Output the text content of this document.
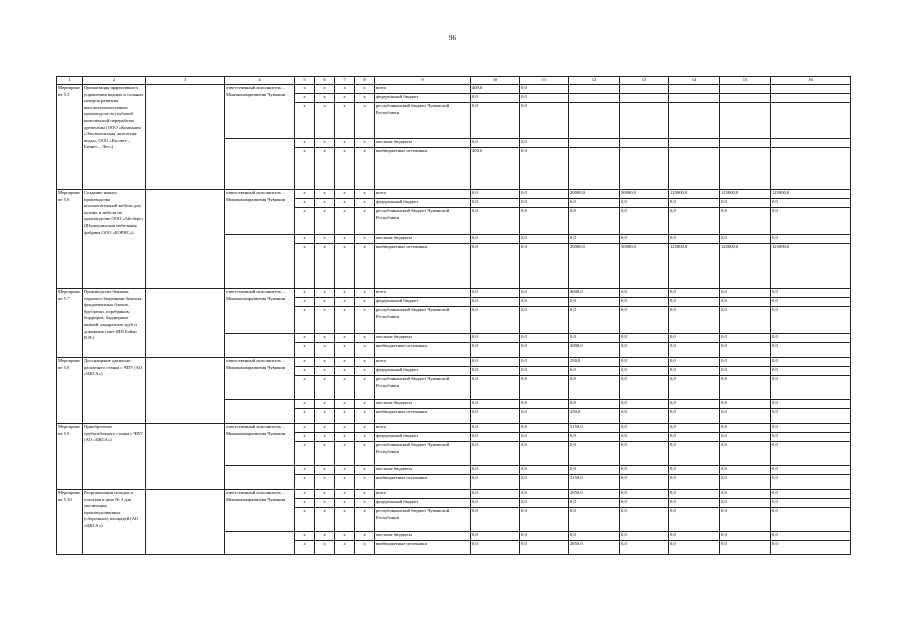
96
1	2	3	4	5	6	7	8	9	10	11	12	13	14	15	16
Мероприятие 5.5	Организация эффективного управления водных и соляных центров развития высокотехнологичных производств по глубокой комплексной переработке древесины (ООО «Компания «Экологическая литология воды», ООО «Рассвет – Бизнес – Лес»)		ответственный исполнитель – Минэкономразвития Чувашии	x	x	x	x	всего	400,0	0,0					
				x	x	x	x	федеральный бюджет	0,0	0,0					
				x	x	x	x	республиканский бюджет Чувашской Республики	0,0	0,0					
				x	x	x	x	местные бюджеты	0,0	0,0					
				x	x	x	x	внебюджетные источники	400,0	0,0					
Мероприятие 5.6	Создание нового производства вспомогательной мебели для кухонь и мебели на производстве ООО «Айсберг» (Шумерлинская мебельная фабрика ООО «БОРИС»)		ответственный исполнитель – Минэкономразвития Чувашии	x	x	x	x	всего	0,0	0,0	20000,0	50000,0	125000,0	125000,0	125000,0
				x	x	x	x	федеральный бюджет	0,0	0,0	0,0	0,0	0,0	0,0	0,0
				x	x	x	x	республиканский бюджет Чувашской Республики	0,0	0,0	0,0	0,0	0,0	0,0	0,0
				x	x	x	x	местные бюджеты	0,0	0,0	0,0	0,0	0,0	0,0	0,0
				x	x	x	x	внебюджетные источники	0,0	0,0	20000,0	50000,0	125000,0	125000,0	125000,0
Мероприятие 5.7	Производство бензина, парамасл-бензинами бинзола, фундаментных блоков, брусчатки, поребриков, бордюров, бордюрных камней, квадратных труб и дорожных плит (ИП Бойко В.Н.)		ответственный исполнитель – Минэкономразвития Чувашии	x	x	x	x	всего	0,0	0,0	3000,0	0,0	0,0	0,0	0,0
				x	x	x	x	федеральный бюджет	0,0	0,0	0,0	0,0	0,0	0,0	0,0
				x	x	x	x	республиканский бюджет Чувашской Республики	0,0	0,0	0,0	0,0	0,0	0,0	0,0
				x	x	x	x	местные бюджеты	0,0	0,0	0,0	0,0	0,0	0,0	0,0
				x	x	x	x	внебюджетные источники	0,0	0,0	3000,0	0,0	0,0	0,0	0,0
Мероприятие 5.8	Дооснащение давильно-раскатного станка с ЧПУ (АО «ЦКСА»)		ответственный исполнитель – Минэкономразвития Чувашии	x	x	x	x	всего	0,0	0,0	250,0	0,0	0,0	0,0	0,0
				x	x	x	x	федеральный бюджет	0,0	0,0	0,0	0,0	0,0	0,0	0,0
				x	x	x	x	республиканский бюджет Чувашской Республики	0,0	0,0	0,0	0,0	0,0	0,0	0,0
				x	x	x	x	местные бюджеты	0,0	0,0	0,0	0,0	0,0	0,0	0,0
				x	x	x	x	внебюджетные источники	0,0	0,0	250,0	0,0	0,0	0,0	0,0
Мероприятие 5.9	Приобретение трубогибочного станка с ЧПУ (АО «ЦКСА»)		ответственный исполнитель – Минэкономразвития Чувашии	x	x	x	x	всего	0,0	0,0	5150,0	0,0	0,0	0,0	0,0
				x	x	x	x	федеральный бюджет	0,0	0,0	0,0	0,0	0,0	0,0	0,0
				x	x	x	x	республиканский бюджет Чувашской Республики	0,0	0,0	0,0	0,0	0,0	0,0	0,0
				x	x	x	x	местные бюджеты	0,0	0,0	0,0	0,0	0,0	0,0	0,0
				x	x	x	x	внебюджетные источники	0,0	0,0	5150,0	0,0	0,0	0,0	0,0
Мероприятие 5.10	Реорганизация складов и участков в цехе № 3 для увеличения производственных (сборочных) площадей (АО «ЦКСА»)		ответственный исполнитель – Минэкономразвития Чувашии	x	x	x	x	всего	0,0	0,0	2850,0	0,0	0,0	0,0	0,0
				x	x	x	x	федеральный бюджет	0,0	0,0	0,0	0,0	0,0	0,0	0,0
				x	x	x	x	республиканский бюджет Чувашской Республики	0,0	0,0	0,0	0,0	0,0	0,0	0,0
				x	x	x	x	местные бюджеты	0,0	0,0	0,0	0,0	0,0	0,0	0,0
				x	x	x	x	внебюджетные источники	0,0	0,0	2850,0	0,0	0,0	0,0	0,0
